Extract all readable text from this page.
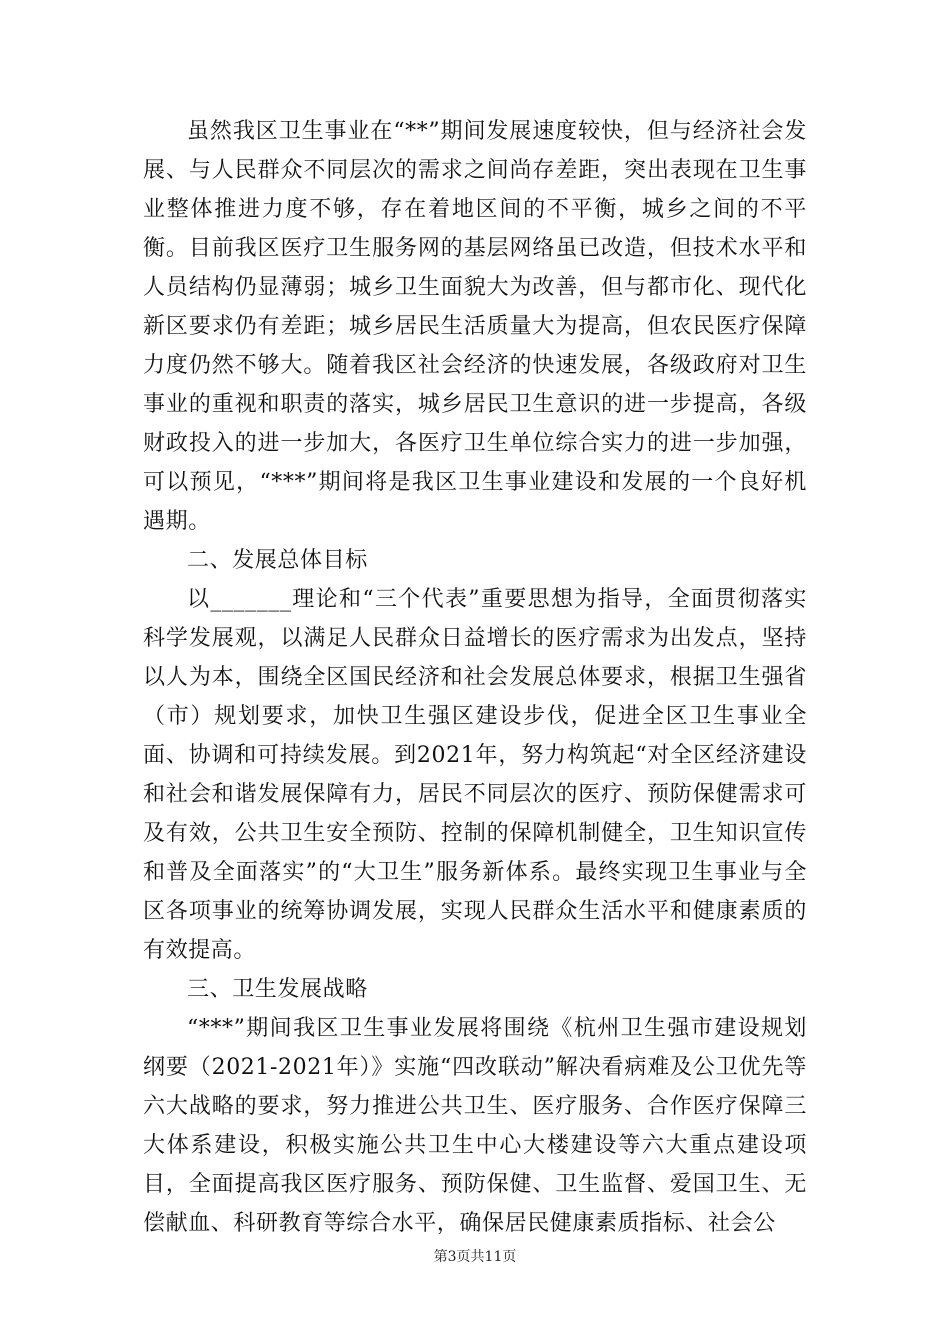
虽然我区卫生事业在“**”期间发展速度较快，但与经济社会发展、与人民群众不同层次的需求之间尚存差距，突出表现在卫生事业整体推进力度不够，存在着地区间的不平衡，城乡之间的不平衡。目前我区医疗卫生服务网的基层网络虽已改造，但技术水平和人员结构仍显薄弱；城乡卫生面貌大为改善，但与都市化、现代化新区要求仍有差距；城乡居民生活质量大为提高，但农民医疗保障力度仍然不够大。随着我区社会经济的快速发展，各级政府对卫生事业的重视和职责的落实，城乡居民卫生意识的进一步提高，各级财政投入的进一步加大，各医疗卫生单位综合实力的进一步加强，可以预见，“***”期间将是我区卫生事业建设和发展的一个良好机遇期。

二、发展总体目标

以_______理论和“三个代表”重要思想为指导，全面贯彻落实科学发展观，以满足人民群众日益增长的医疗需求为出发点，坚持以人为本，围绕全区国民经济和社会发展总体要求，根据卫生强省（市）规划要求，加快卫生强区建设步伐，促进全区卫生事业全面、协调和可持续发展。到2021年，努力构筑起“对全区经济建设和社会和谐发展保障有力，居民不同层次的医疗、预防保健需求可及有效，公共卫生安全预防、控制的保障机制健全，卫生知识宣传和普及全面落实”的“大卫生”服务新体系。最终实现卫生事业与全区各项事业的统筹协调发展，实现人民群众生活水平和健康素质的有效提高。

三、卫生发展战略

“***”期间我区卫生事业发展将围绕《杭州卫生强市建设规划纲要（2021-2021年）》实施“四改联动”解决看病难及公卫优先等六大战略的要求，努力推进公共卫生、医疗服务、合作医疗保障三大体系建设，积极实施公共卫生中心大楼建设等六大重点建设项目，全面提高我区医疗服务、预防保健、卫生监督、爱国卫生、无偿献血、科研教育等综合水平，确保居民健康素质指标、社会公

第3页共11页
